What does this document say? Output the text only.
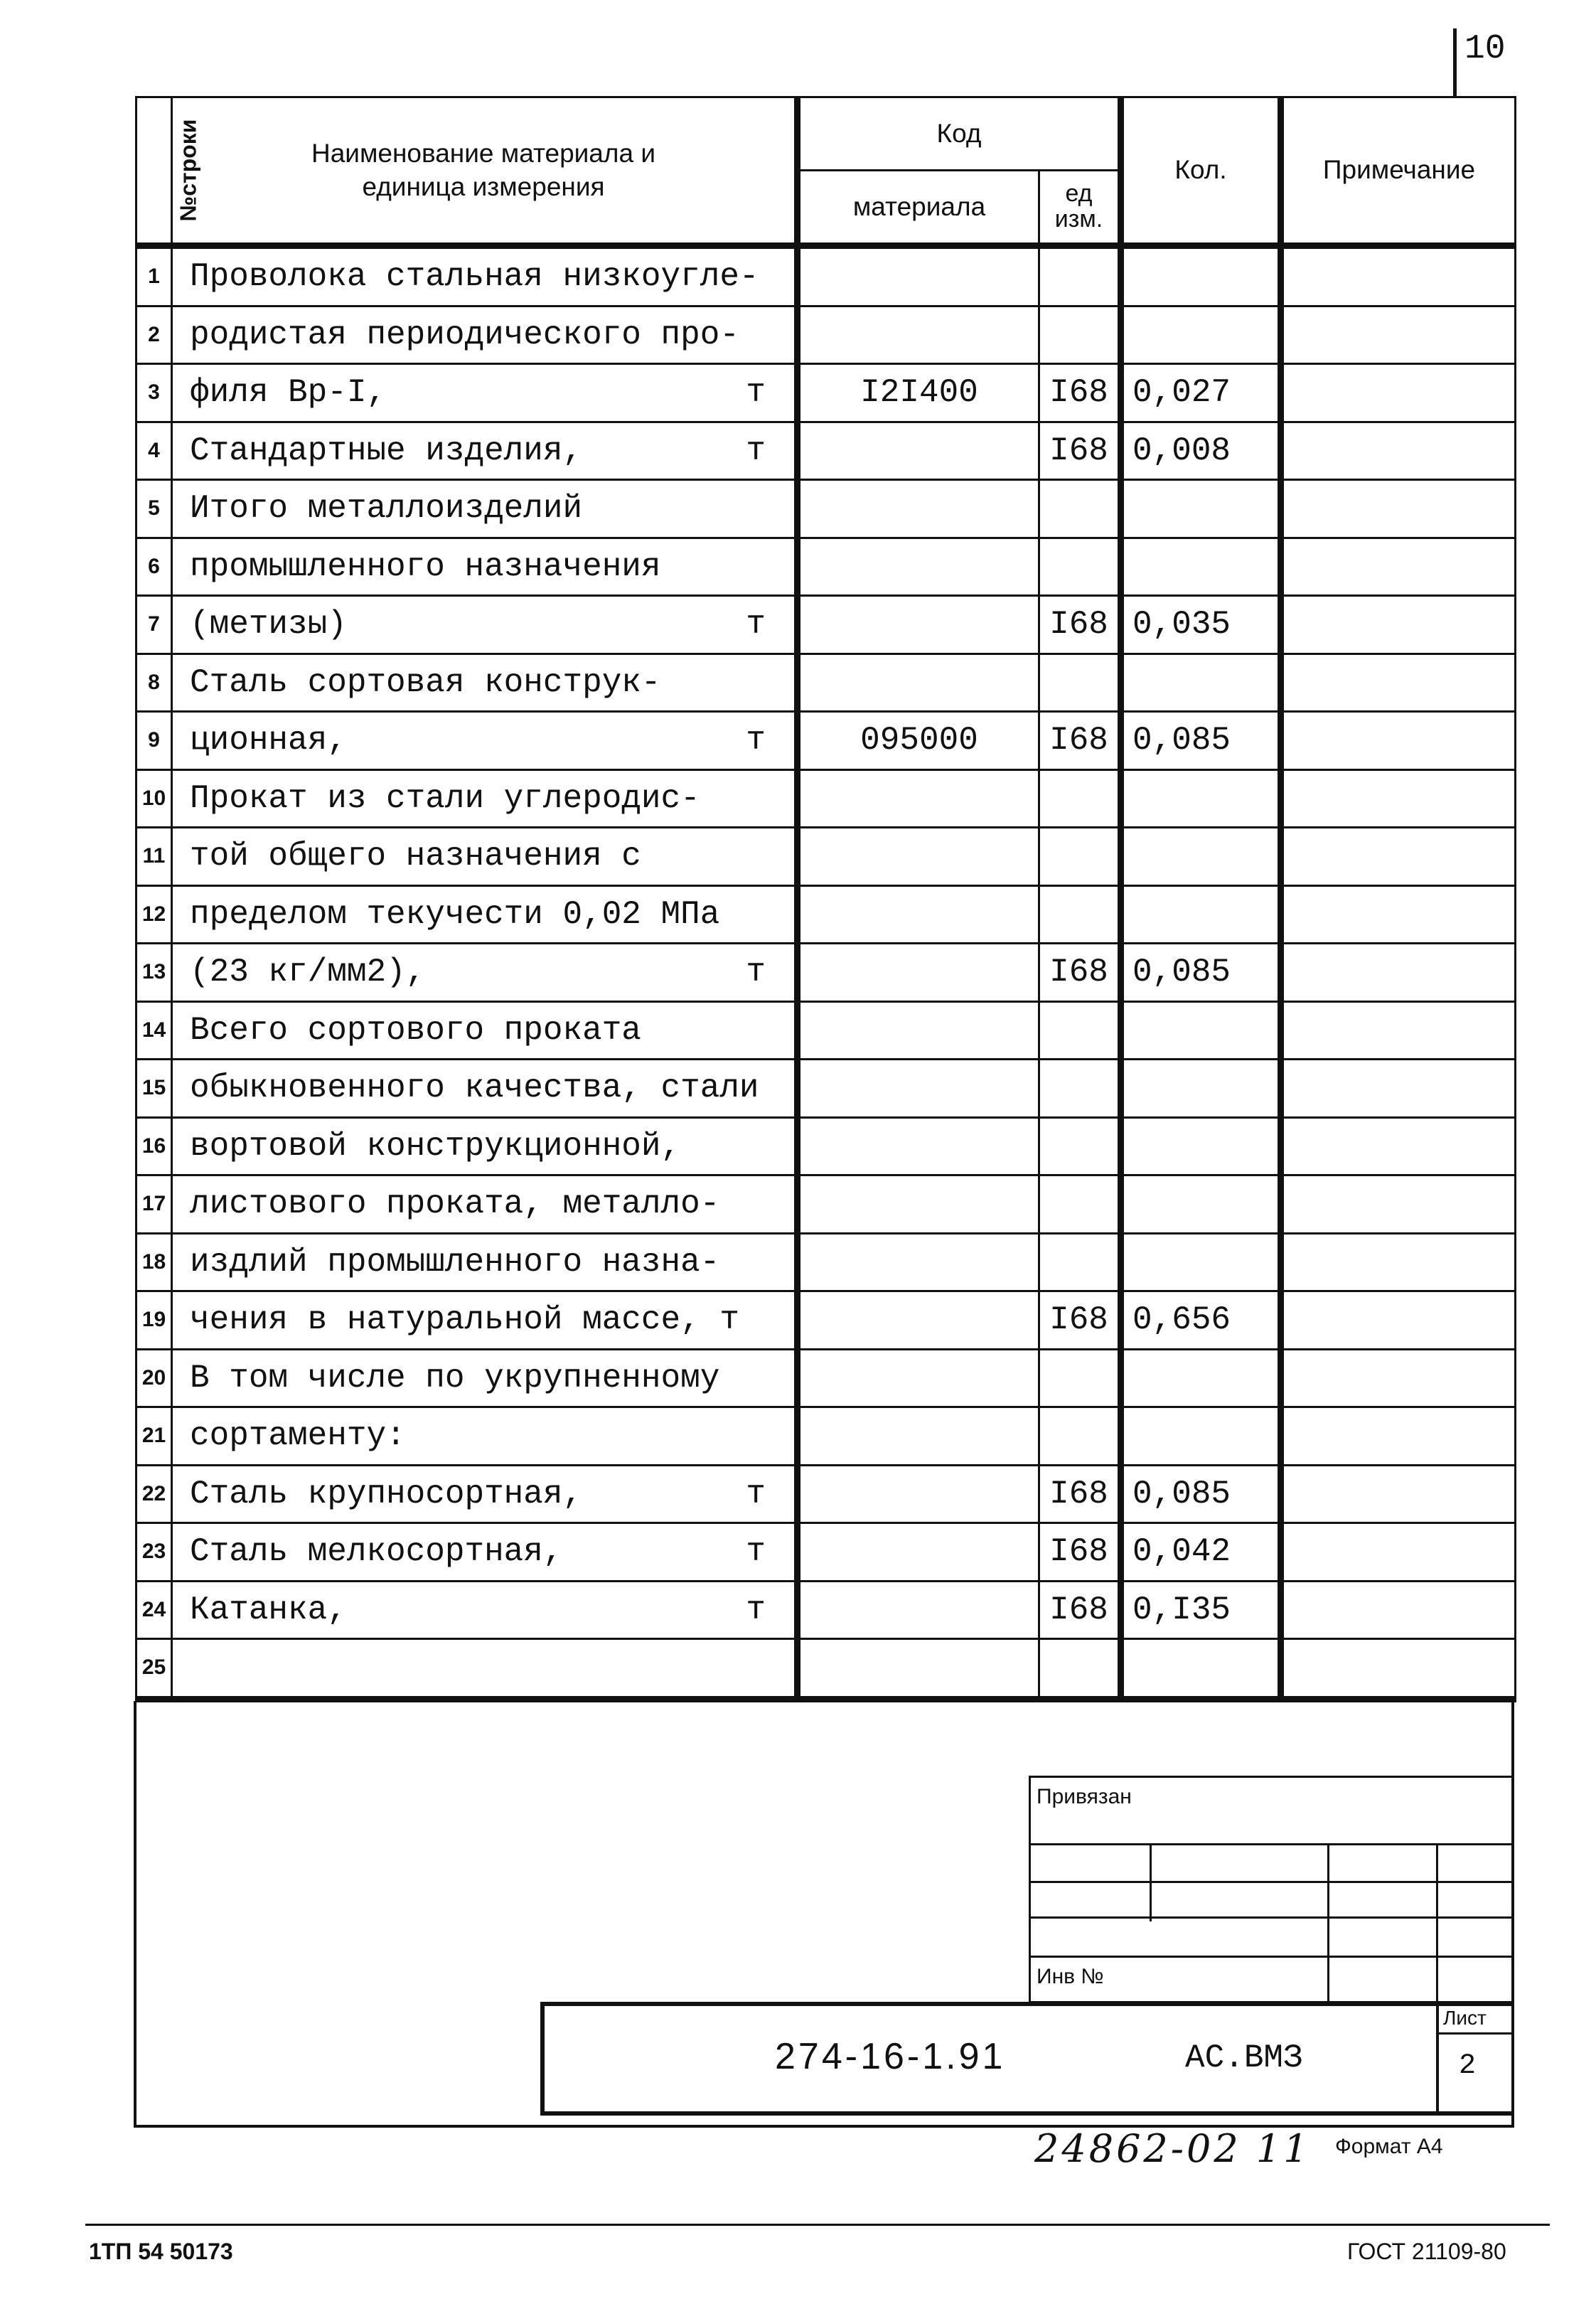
10
№строки	Наименование материала и единица измерения	Код		Кол.	Примечание

		материала	ед изм.		

1	Проволока стальная низкоугле-

2	родистая периодического про-

3	филя Вр-I, т	I2I400	I68	0,027	
4	Стандартные изделия, т		I68	0,008	
5	Итого металлоизделий

6	промышленного назначения

7	(метизы) т		I68	0,035	
8	Сталь сортовая конструк-

9	ционная, т	095000	I68	0,085	
10	Прокат из стали углеродис-

11	той общего назначения с

12	пределом текучести 0,02 МПа

13	(23 кг/мм2), т		I68	0,085	
14	Всего сортового проката

15	обыкновенного качества, стали

16	вортовой конструкционной,

17	листового проката, металло-

18	издлий промышленного назна-

19	чения в натуральной массе, т		I68	0,656	
20	В том числе по укрупненному

21	сортаменту:

22	Сталь крупносортная, т		I68	0,085	
23	Сталь мелкосортная, т		I68	0,042	
24	Катанка, т		I68	0,I35	
25	

Привязан
Инв №
274-16-1.91	АС.ВМЗ
Лист
2
24862-02 11 Формат А4
1ТП 54 50173	ГОСТ 21109-80
